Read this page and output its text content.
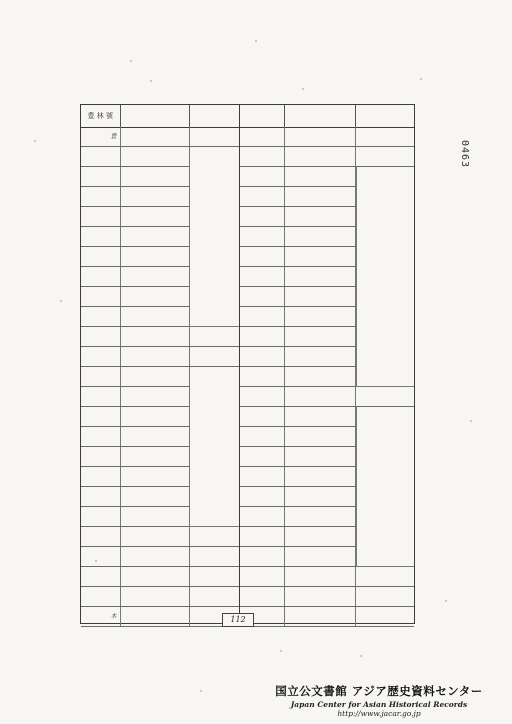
0463
豊 林 號
豊
本	112
国立公文書館 アジア歴史資料センター
Japan Center for Asian Historical Records
http://www.jacar.go.jp
